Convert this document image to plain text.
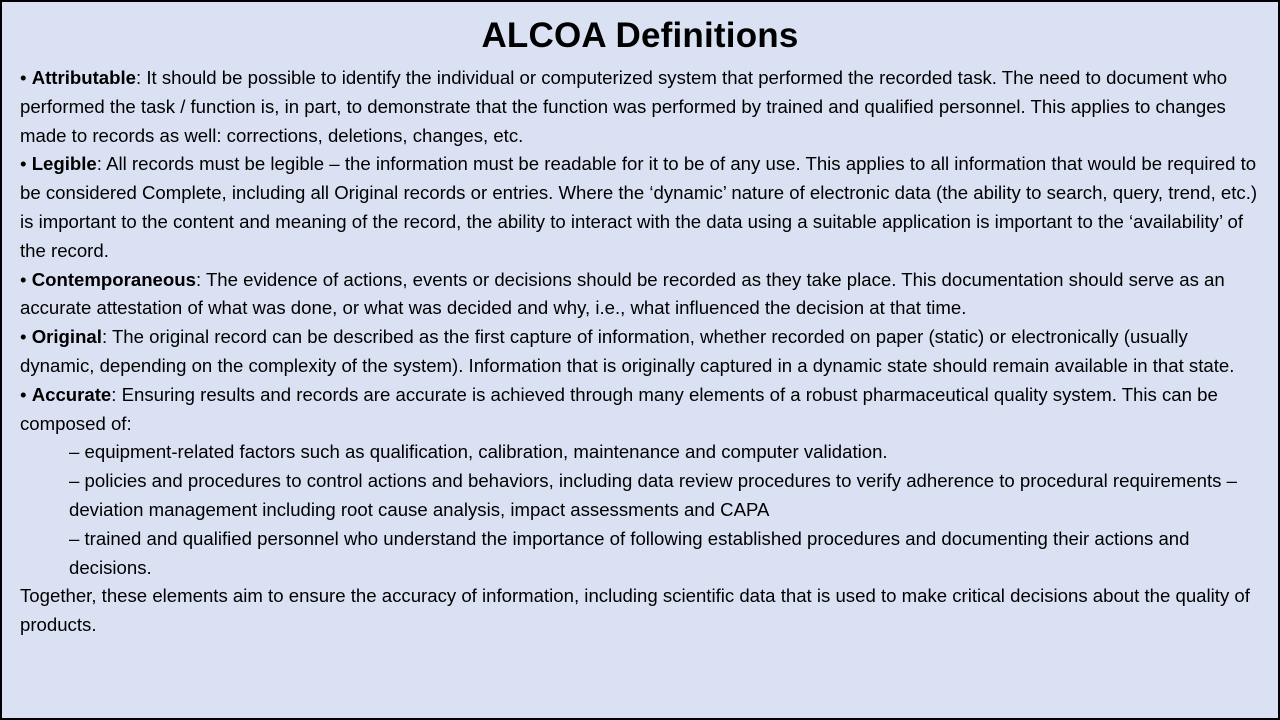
ALCOA Definitions

• Attributable: It should be possible to identify the individual or computerized system that performed the recorded task. The need to document who performed the task / function is, in part, to demonstrate that the function was performed by trained and qualified personnel. This applies to changes made to records as well: corrections, deletions, changes, etc.

• Legible: All records must be legible – the information must be readable for it to be of any use. This applies to all information that would be required to be considered Complete, including all Original records or entries. Where the ‘dynamic’ nature of electronic data (the ability to search, query, trend, etc.) is important to the content and meaning of the record, the ability to interact with the data using a suitable application is important to the ‘availability’ of the record.

• Contemporaneous: The evidence of actions, events or decisions should be recorded as they take place. This documentation should serve as an accurate attestation of what was done, or what was decided and why, i.e., what influenced the decision at that time.

• Original: The original record can be described as the first capture of information, whether recorded on paper (static) or electronically (usually dynamic, depending on the complexity of the system). Information that is originally captured in a dynamic state should remain available in that state.

• Accurate: Ensuring results and records are accurate is achieved through many elements of a robust pharmaceutical quality system. This can be composed of:

– equipment-related factors such as qualification, calibration, maintenance and computer validation.

– policies and procedures to control actions and behaviors, including data review procedures to verify adherence to procedural requirements – deviation management including root cause analysis, impact assessments and CAPA

– trained and qualified personnel who understand the importance of following established procedures and documenting their actions and decisions.

Together, these elements aim to ensure the accuracy of information, including scientific data that is used to make critical decisions about the quality of products.
